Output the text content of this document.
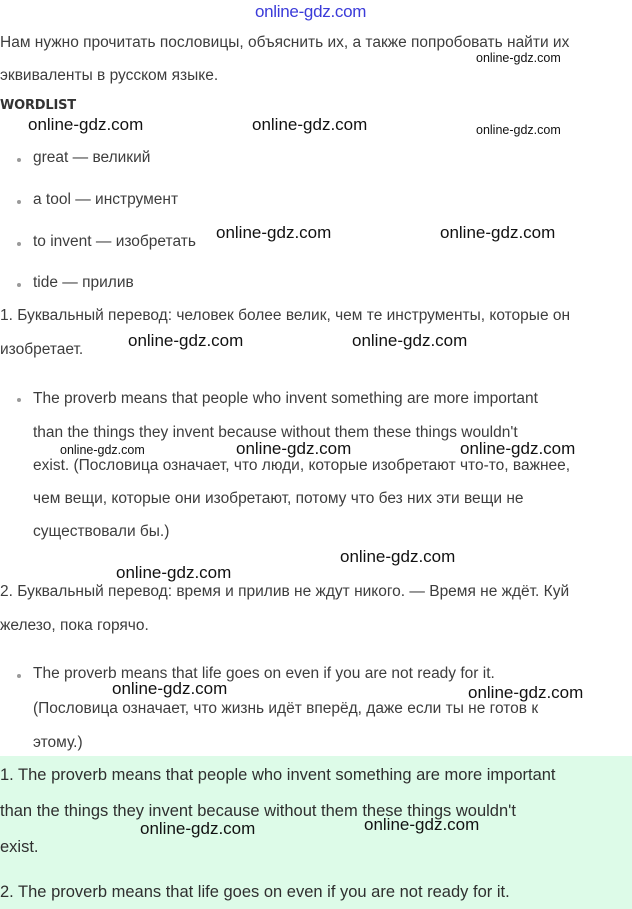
online-gdz.com
Нам нужно прочитать пословицы, объяснить их, а также попробовать найти их
эквиваленты в русском языке.
WORDLIST
great — великий
a tool — инструмент
to invent — изобретать
tide — прилив
1. Буквальный перевод: человек более велик, чем те инструменты, которые он
изобретает.
The proverb means that people who invent something are more important
than the things they invent because without them these things wouldn't
exist. (Пословица означает, что люди, которые изобретают что-то, важнее,
чем вещи, которые они изобретают, потому что без них эти вещи не
существовали бы.)
2. Буквальный перевод: время и прилив не ждут никого. — Время не ждёт. Куй
железо, пока горячо.
The proverb means that life goes on even if you are not ready for it.
(Пословица означает, что жизнь идёт вперёд, даже если ты не готов к
этому.)
1. The proverb means that people who invent something are more important
than the things they invent because without them these things wouldn't
exist.
2. The proverb means that life goes on even if you are not ready for it.
online-gdz.com
online-gdz.com	online-gdz.com	online-gdz.com
online-gdz.com	online-gdz.com
online-gdz.com	online-gdz.com
online-gdz.com	online-gdz.com	online-gdz.com
online-gdz.com
online-gdz.com
online-gdz.com	online-gdz.com
online-gdz.com	online-gdz.com
